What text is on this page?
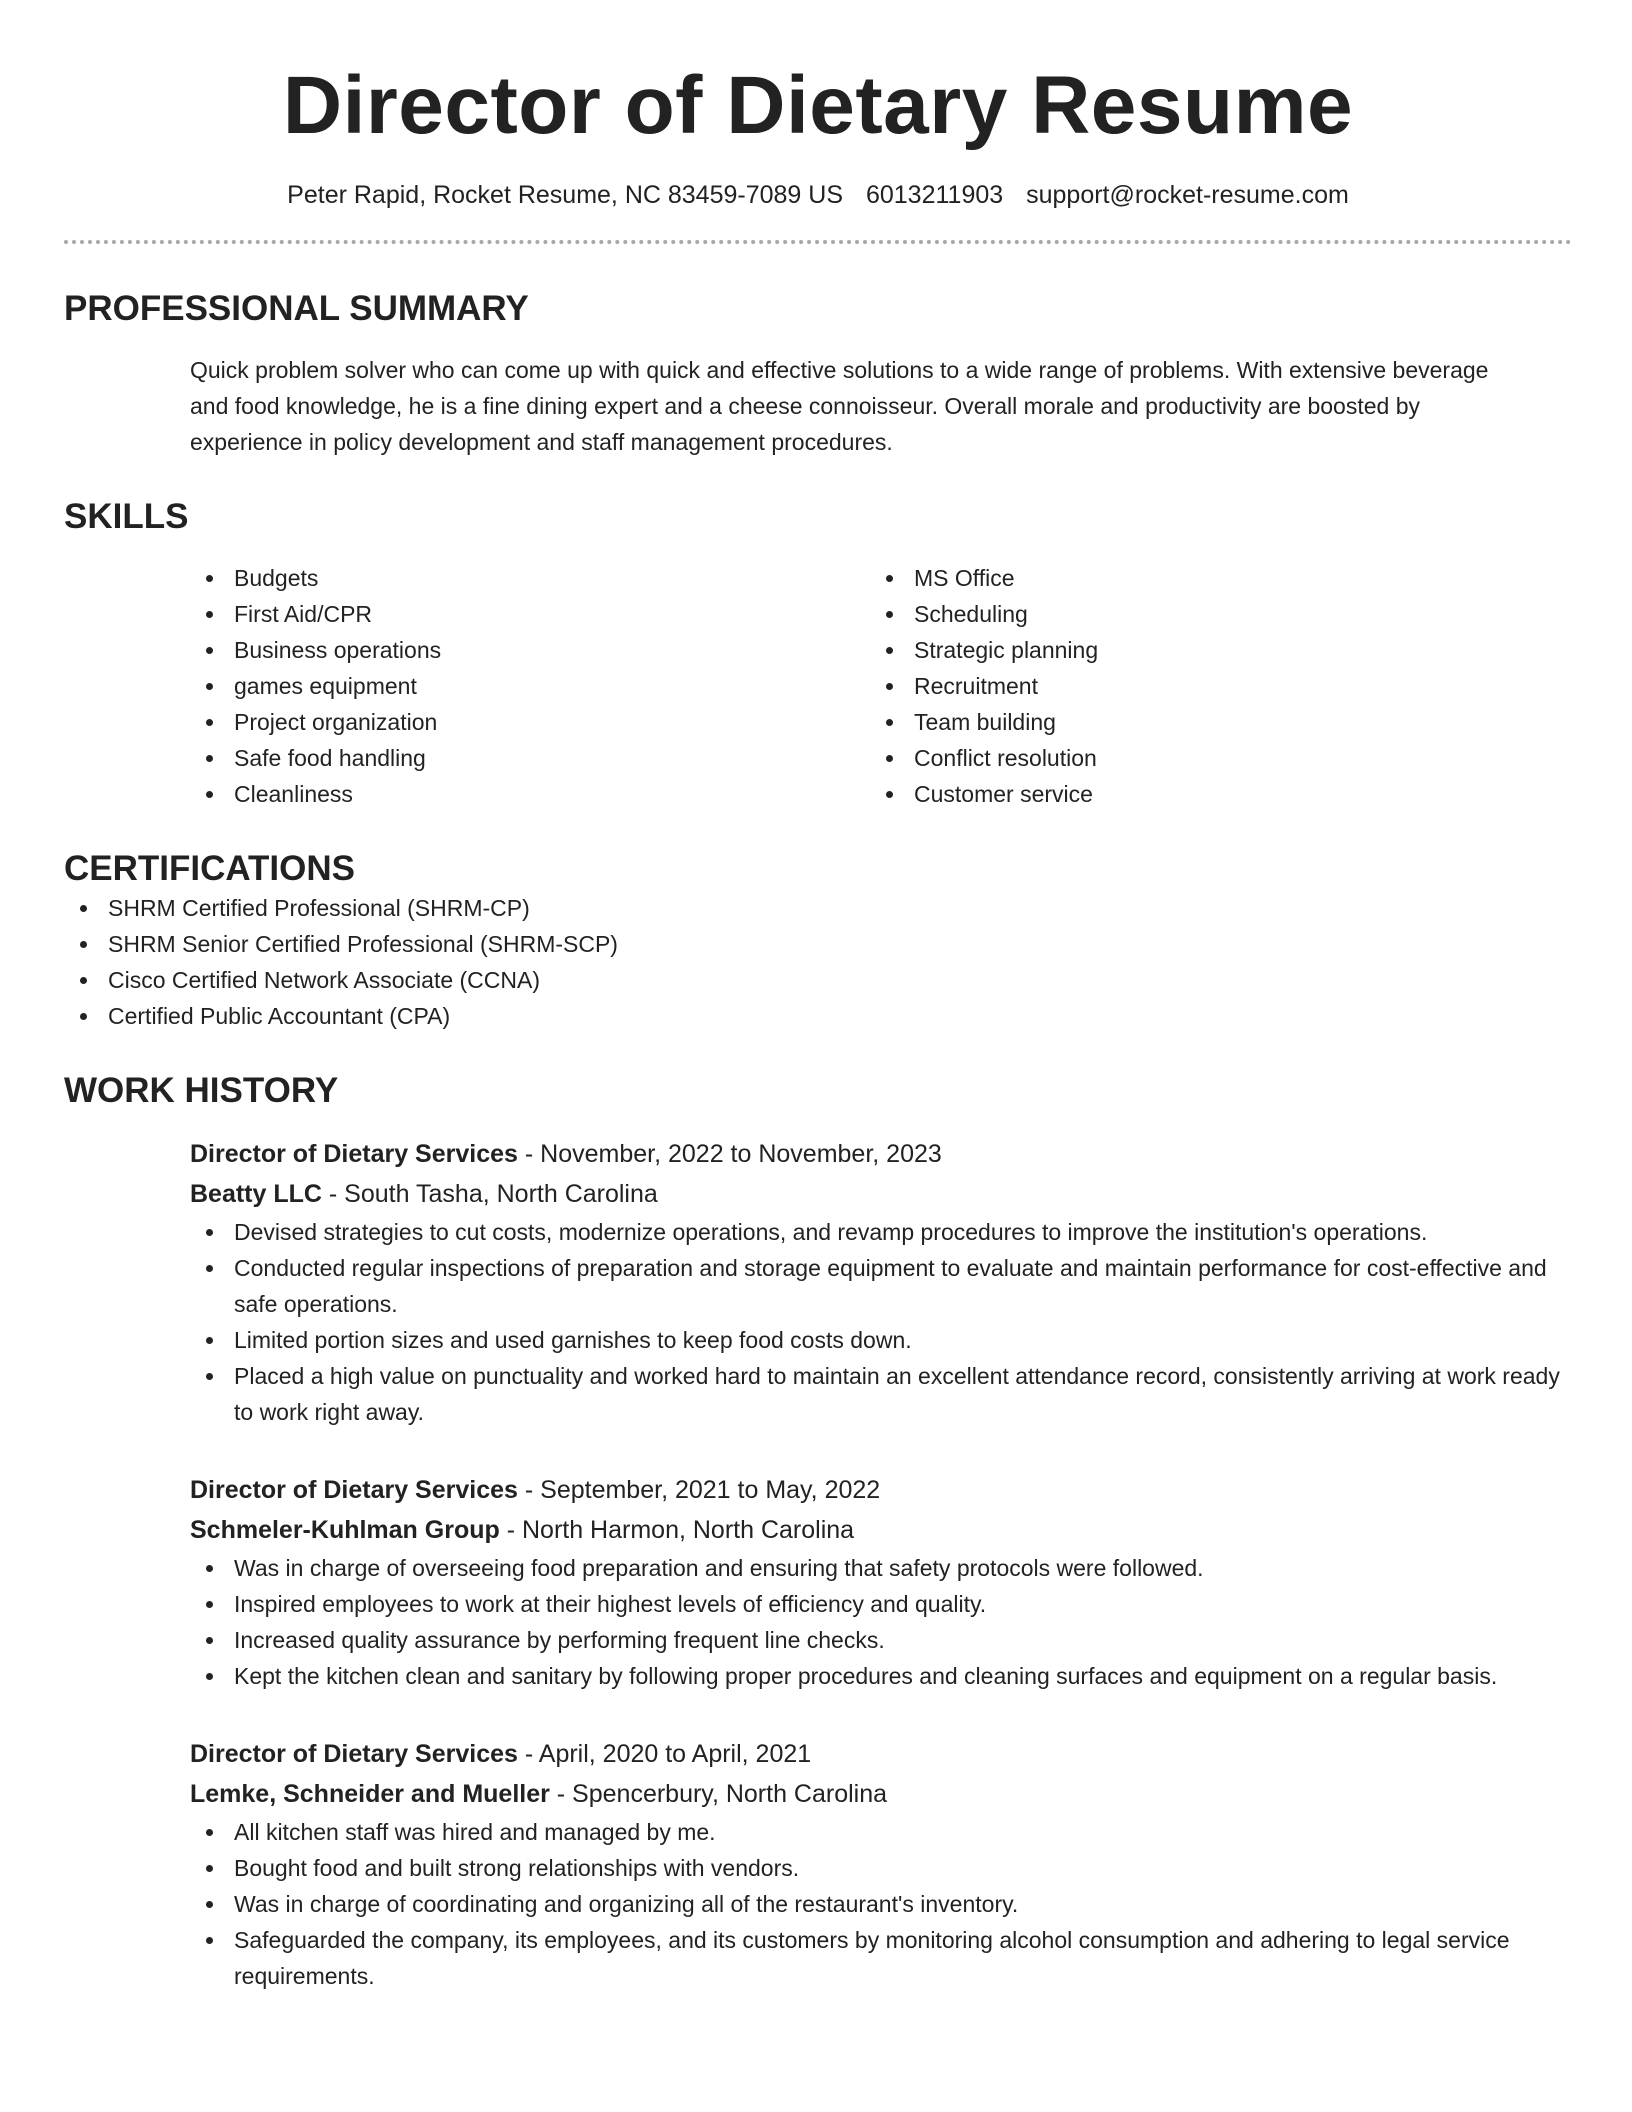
Director of Dietary Resume
Peter Rapid, Rocket Resume, NC 83459-7089 US 6013211903 support@rocket-resume.com
PROFESSIONAL SUMMARY

Quick problem solver who can come up with quick and effective solutions to a wide range of problems. With extensive beverage and food knowledge, he is a fine dining expert and a cheese connoisseur. Overall morale and productivity are boosted by experience in policy development and staff management procedures.

SKILLS
Budgets
First Aid/CPR
Business operations
games equipment
Project organization
Safe food handling
Cleanliness
MS Office
Scheduling
Strategic planning
Recruitment
Team building
Conflict resolution
Customer service
CERTIFICATIONS
SHRM Certified Professional (SHRM-CP)
SHRM Senior Certified Professional (SHRM-SCP)
Cisco Certified Network Associate (CCNA)
Certified Public Accountant (CPA)
WORK HISTORY
Director of Dietary Services - November, 2022 to November, 2023
Beatty LLC - South Tasha, North Carolina
Devised strategies to cut costs, modernize operations, and revamp procedures to improve the institution's operations.
Conducted regular inspections of preparation and storage equipment to evaluate and maintain performance for cost-effective and safe operations.
Limited portion sizes and used garnishes to keep food costs down.
Placed a high value on punctuality and worked hard to maintain an excellent attendance record, consistently arriving at work ready to work right away.
Director of Dietary Services - September, 2021 to May, 2022
Schmeler-Kuhlman Group - North Harmon, North Carolina
Was in charge of overseeing food preparation and ensuring that safety protocols were followed.
Inspired employees to work at their highest levels of efficiency and quality.
Increased quality assurance by performing frequent line checks.
Kept the kitchen clean and sanitary by following proper procedures and cleaning surfaces and equipment on a regular basis.
Director of Dietary Services - April, 2020 to April, 2021
Lemke, Schneider and Mueller - Spencerbury, North Carolina
All kitchen staff was hired and managed by me.
Bought food and built strong relationships with vendors.
Was in charge of coordinating and organizing all of the restaurant's inventory.
Safeguarded the company, its employees, and its customers by monitoring alcohol consumption and adhering to legal service requirements.
